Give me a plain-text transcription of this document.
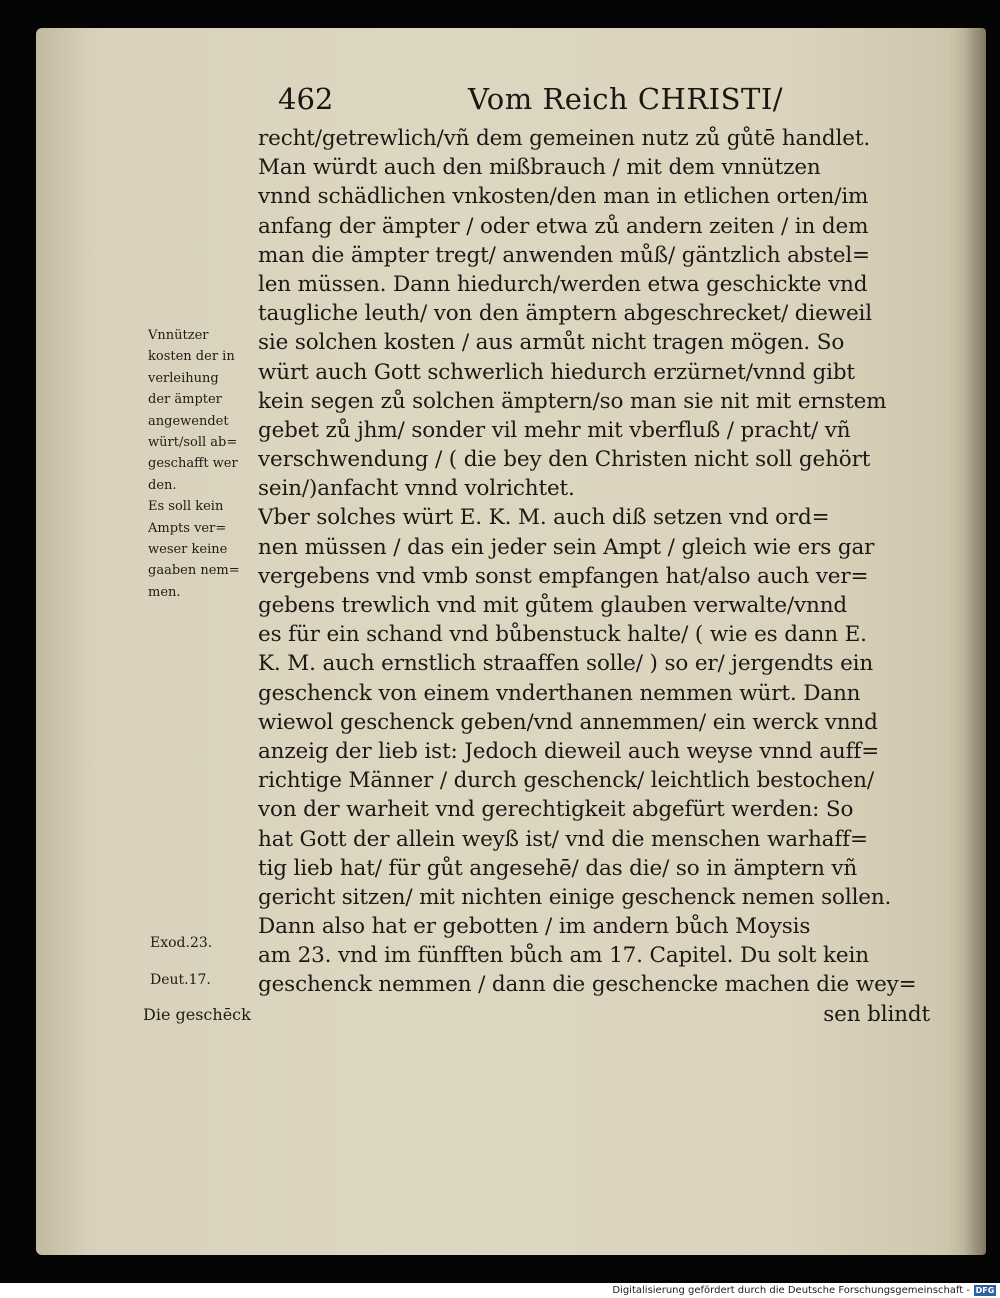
462	Vom Reich CHRISTI/
recht/getrewlich/vñ dem gemeinen nutz zů gůtē handlet.
Man würdt auch den mißbrauch / mit dem vnnützen
vnnd schädlichen vnkosten/den man in etlichen orten/im
anfang der ämpter / oder etwa zů andern zeiten / in dem
man die ämpter tregt/ anwenden můß/ gäntzlich abstel=
len müssen. Dann hiedurch/werden etwa geschickte vnd
taugliche leuth/ von den ämptern abgeschrecket/ dieweil
sie solchen kosten / aus armůt nicht tragen mögen. So
würt auch Gott schwerlich hiedurch erzürnet/vnnd gibt
kein segen zů solchen ämptern/so man sie nit mit ernstem
gebet zů jhm/ sonder vil mehr mit vberfluß / pracht/ vñ
verschwendung / ( die bey den Christen nicht soll gehört
sein/)anfacht vnnd volrichtet.
Vber solches würt E. K. M. auch diß setzen vnd ord=
nen müssen / das ein jeder sein Ampt / gleich wie ers gar
vergebens vnd vmb sonst empfangen hat/also auch ver=
gebens trewlich vnd mit gůtem glauben verwalte/vnnd
es für ein schand vnd bůbenstuck halte/ ( wie es dann E.
K. M. auch ernstlich straaffen solle/ ) so er/ jergendts ein
geschenck von einem vnderthanen nemmen würt. Dann
wiewol geschenck geben/vnd annemmen/ ein werck vnnd
anzeig der lieb ist: Jedoch dieweil auch weyse vnnd auff=
richtige Männer / durch geschenck/ leichtlich bestochen/
von der warheit vnd gerechtigkeit abgefürt werden: So
hat Gott der allein weyß ist/ vnd die menschen warhaff=
tig lieb hat/ für gůt angesehē/ das die/ so in ämptern vñ
gericht sitzen/ mit nichten einige geschenck nemen sollen.
Dann also hat er gebotten / im andern bůch Moysis
am 23. vnd im fünfften bůch am 17. Capitel. Du solt kein
geschenck nemmen / dann die geschencke machen die wey=
sen blindt
Vnnützer
kosten der in
verleihung
der ämpter
angewendet
würt/soll ab=
geschafft wer
den.
Es soll kein
Ampts ver=
weser keine
gaaben nem=
men.
Exod.23.
Deut.17.
Die geschēck
Digitalisierung gefördert durch die Deutsche Forschungsgemeinschaft - DFG
